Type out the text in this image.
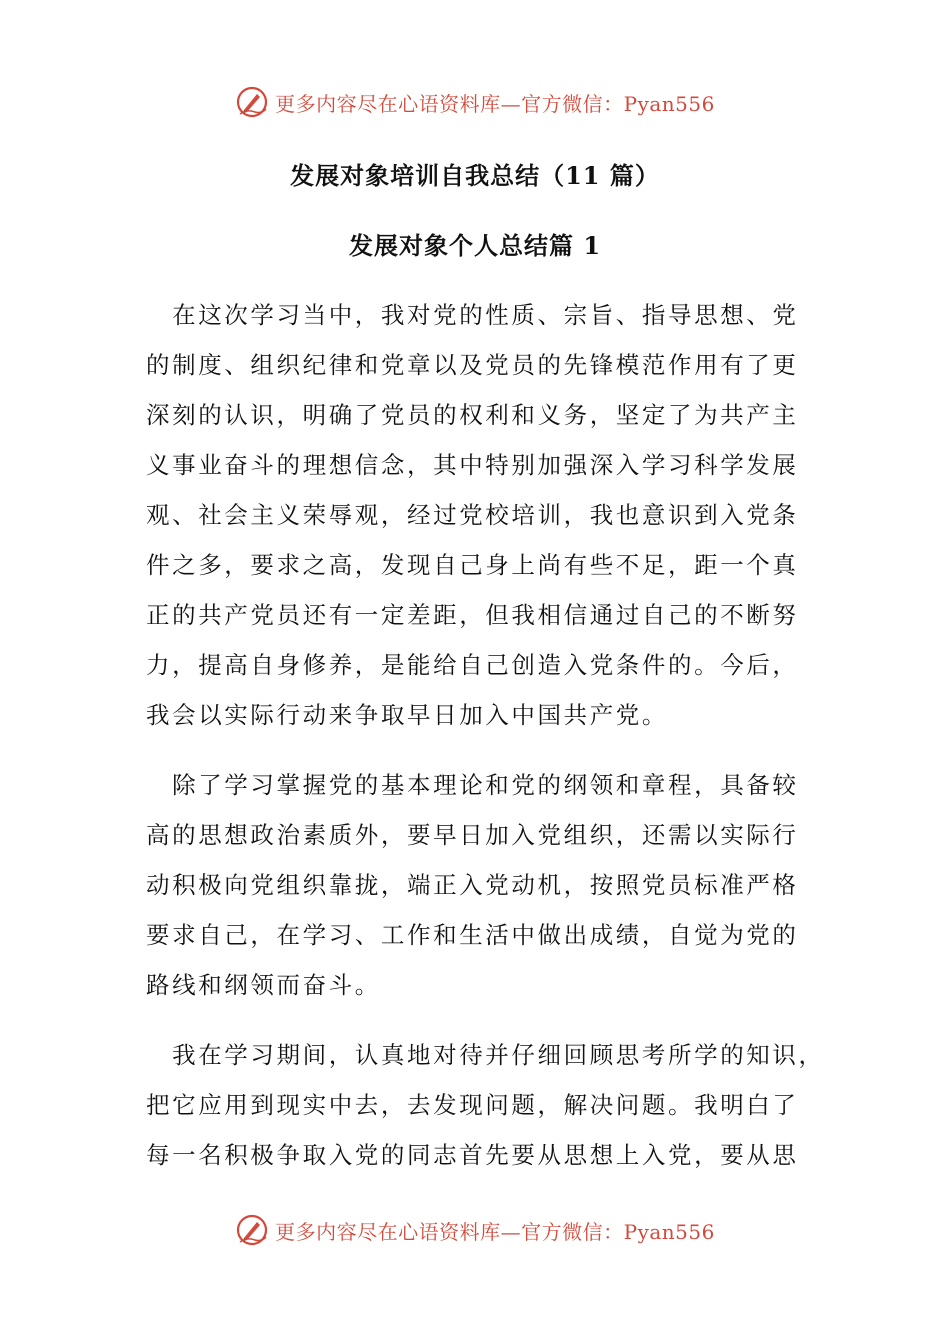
更多内容尽在心语资料库—官方微信：Pyan556
发展对象培训自我总结（11 篇）
发展对象个人总结篇 1
　在这次学习当中，我对党的性质、宗旨、指导思想、党
的制度、组织纪律和党章以及党员的先锋模范作用有了更
深刻的认识，明确了党员的权利和义务，坚定了为共产主
义事业奋斗的理想信念，其中特别加强深入学习科学发展
观、社会主义荣辱观，经过党校培训，我也意识到入党条
件之多，要求之高，发现自己身上尚有些不足，距一个真
正的共产党员还有一定差距，但我相信通过自己的不断努
力，提高自身修养，是能给自己创造入党条件的。今后，
我会以实际行动来争取早日加入中国共产党。
　除了学习掌握党的基本理论和党的纲领和章程，具备较
高的思想政治素质外，要早日加入党组织，还需以实际行
动积极向党组织靠拢，端正入党动机，按照党员标准严格
要求自己，在学习、工作和生活中做出成绩，自觉为党的
路线和纲领而奋斗。
　我在学习期间，认真地对待并仔细回顾思考所学的知识，
把它应用到现实中去，去发现问题，解决问题。我明白了
每一名积极争取入党的同志首先要从思想上入党，要从思
更多内容尽在心语资料库—官方微信：Pyan556
